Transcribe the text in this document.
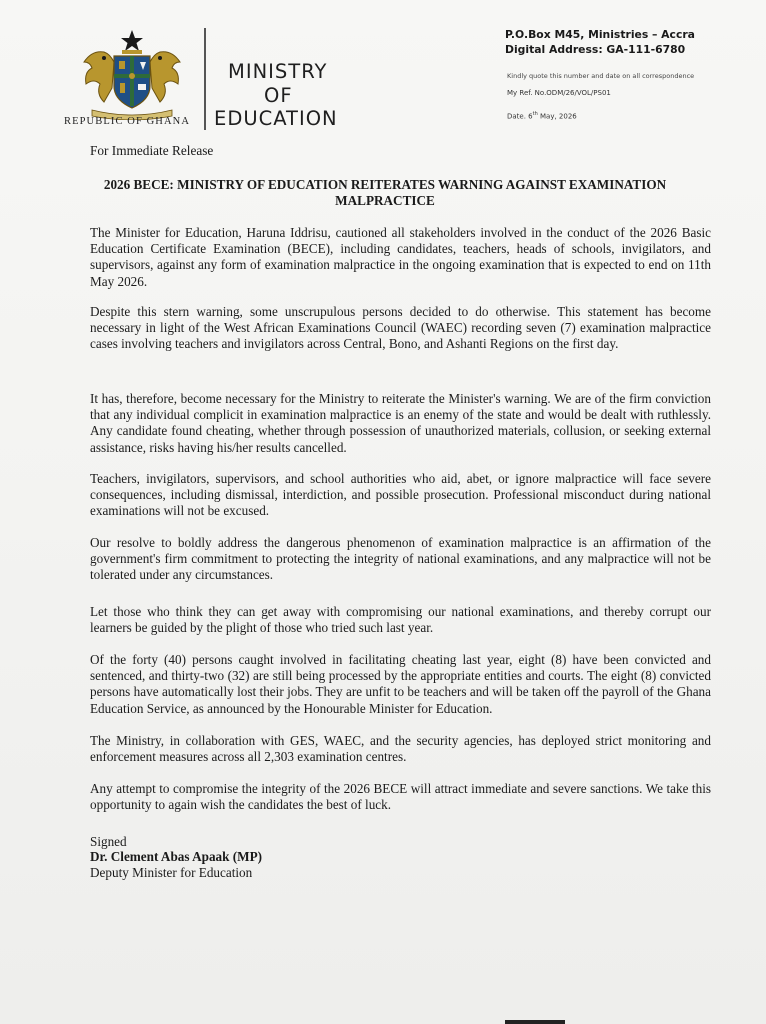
REPUBLIC OF GHANA
MINISTRY
OF
EDUCATION
P.O.Box M45, Ministries – Accra
Digital Address: GA-111-6780
Kindly quote this number and date on all correspondence
My Ref. No.ODM/26/VOL/PS01
Date. 6th May, 2026
For Immediate Release
2026 BECE: MINISTRY OF EDUCATION REITERATES WARNING AGAINST EXAMINATION MALPRACTICE

The Minister for Education, Haruna Iddrisu, cautioned all stakeholders involved in the conduct of the 2026 Basic Education Certificate Examination (BECE), including candidates, teachers, heads of schools, invigilators, and supervisors, against any form of examination malpractice in the ongoing examination that is expected to end on 11th May 2026.

Despite this stern warning, some unscrupulous persons decided to do otherwise. This statement has become necessary in light of the West African Examinations Council (WAEC) recording seven (7) examination malpractice cases involving teachers and invigilators across Central, Bono, and Ashanti Regions on the first day.

It has, therefore, become necessary for the Ministry to reiterate the Minister's warning. We are of the firm conviction that any individual complicit in examination malpractice is an enemy of the state and would be dealt with ruthlessly. Any candidate found cheating, whether through possession of unauthorized materials, collusion, or seeking external assistance, risks having his/her results cancelled.

Teachers, invigilators, supervisors, and school authorities who aid, abet, or ignore malpractice will face severe consequences, including dismissal, interdiction, and possible prosecution. Professional misconduct during national examinations will not be excused.

Our resolve to boldly address the dangerous phenomenon of examination malpractice is an affirmation of the government's firm commitment to protecting the integrity of national examinations, and any malpractice will not be tolerated under any circumstances.

Let those who think they can get away with compromising our national examinations, and thereby corrupt our learners be guided by the plight of those who tried such last year.

Of the forty (40) persons caught involved in facilitating cheating last year, eight (8) have been convicted and sentenced, and thirty-two (32) are still being processed by the appropriate entities and courts. The eight (8) convicted persons have automatically lost their jobs. They are unfit to be teachers and will be taken off the payroll of the Ghana Education Service, as announced by the Honourable Minister for Education.

The Ministry, in collaboration with GES, WAEC, and the security agencies, has deployed strict monitoring and enforcement measures across all 2,303 examination centres.

Any attempt to compromise the integrity of the 2026 BECE will attract immediate and severe sanctions. We take this opportunity to again wish the candidates the best of luck.

Signed
Dr. Clement Abas Apaak (MP)
Deputy Minister for Education
